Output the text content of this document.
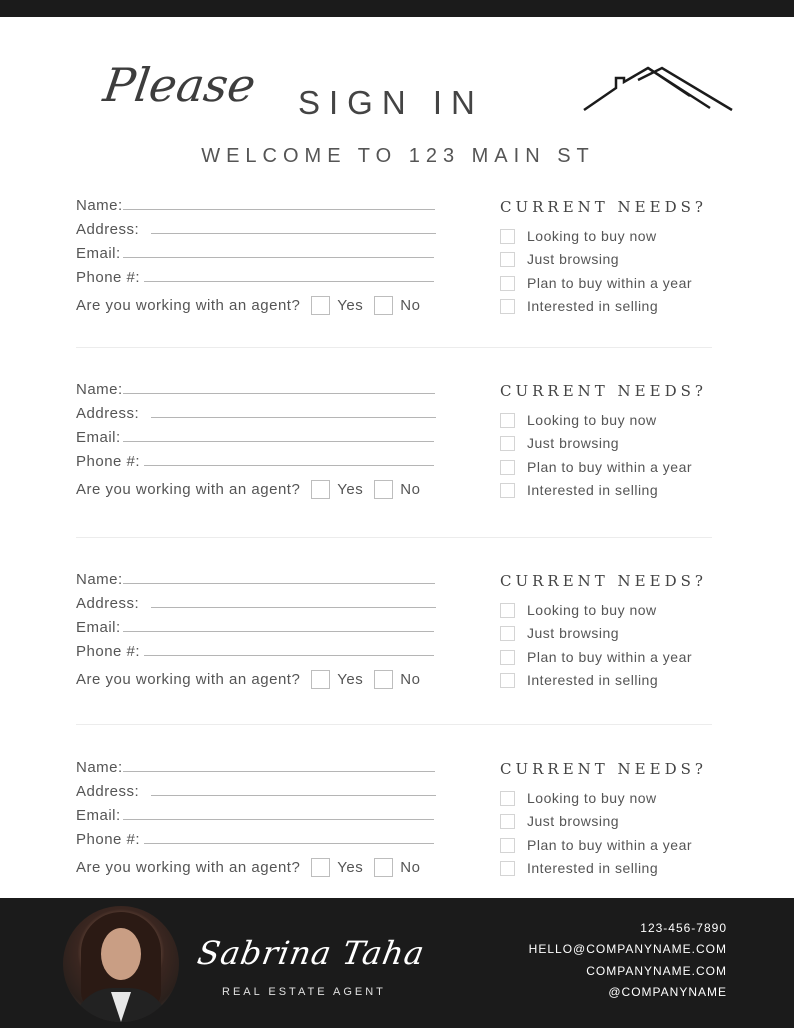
Please SIGN IN
WELCOME TO 123 MAIN ST
Name:
Address:
Email:
Phone #:
Are you working with an agent? Yes No
CURRENT NEEDS?
Looking to buy now
Just browsing
Plan to buy within a year
Interested in selling
Name:
Address:
Email:
Phone #:
Are you working with an agent? Yes No
CURRENT NEEDS?
Looking to buy now
Just browsing
Plan to buy within a year
Interested in selling
Name:
Address:
Email:
Phone #:
Are you working with an agent? Yes No
CURRENT NEEDS?
Looking to buy now
Just browsing
Plan to buy within a year
Interested in selling
Name:
Address:
Email:
Phone #:
Are you working with an agent? Yes No
CURRENT NEEDS?
Looking to buy now
Just browsing
Plan to buy within a year
Interested in selling
Sabrina Taha
REAL ESTATE AGENT
123-456-7890
HELLO@COMPANYNAME.COM
COMPANYNAME.COM
@COMPANYNAME
